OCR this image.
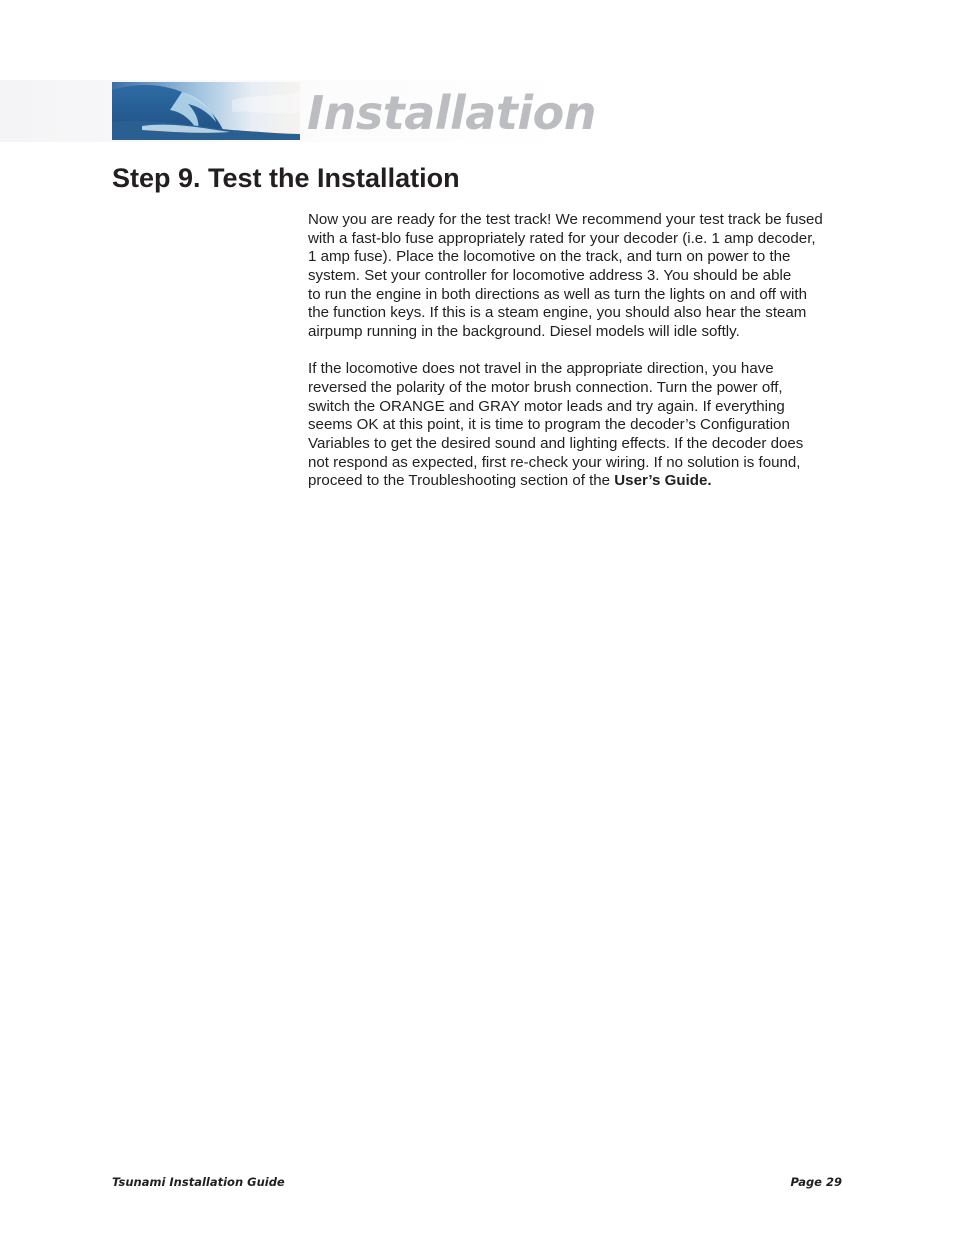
Installation
Step 9. Test the Installation
Now you are ready for the test track! We recommend your test track be fused
with a fast-blo fuse appropriately rated for your decoder (i.e. 1 amp decoder,
1 amp fuse). Place the locomotive on the track, and turn on power to the
system. Set your controller for locomotive address 3. You should be able
to run the engine in both directions as well as turn the lights on and off with
the function keys. If this is a steam engine, you should also hear the steam
airpump running in the background. Diesel models will idle softly.
If the locomotive does not travel in the appropriate direction, you have
reversed the polarity of the motor brush connection. Turn the power off,
switch the ORANGE and GRAY motor leads and try again. If everything
seems OK at this point, it is time to program the decoder’s Configuration
Variables to get the desired sound and lighting effects. If the decoder does
not respond as expected, first re-check your wiring. If no solution is found,
proceed to the Troubleshooting section of the User’s Guide.
Tsunami Installation Guide	Page 29
